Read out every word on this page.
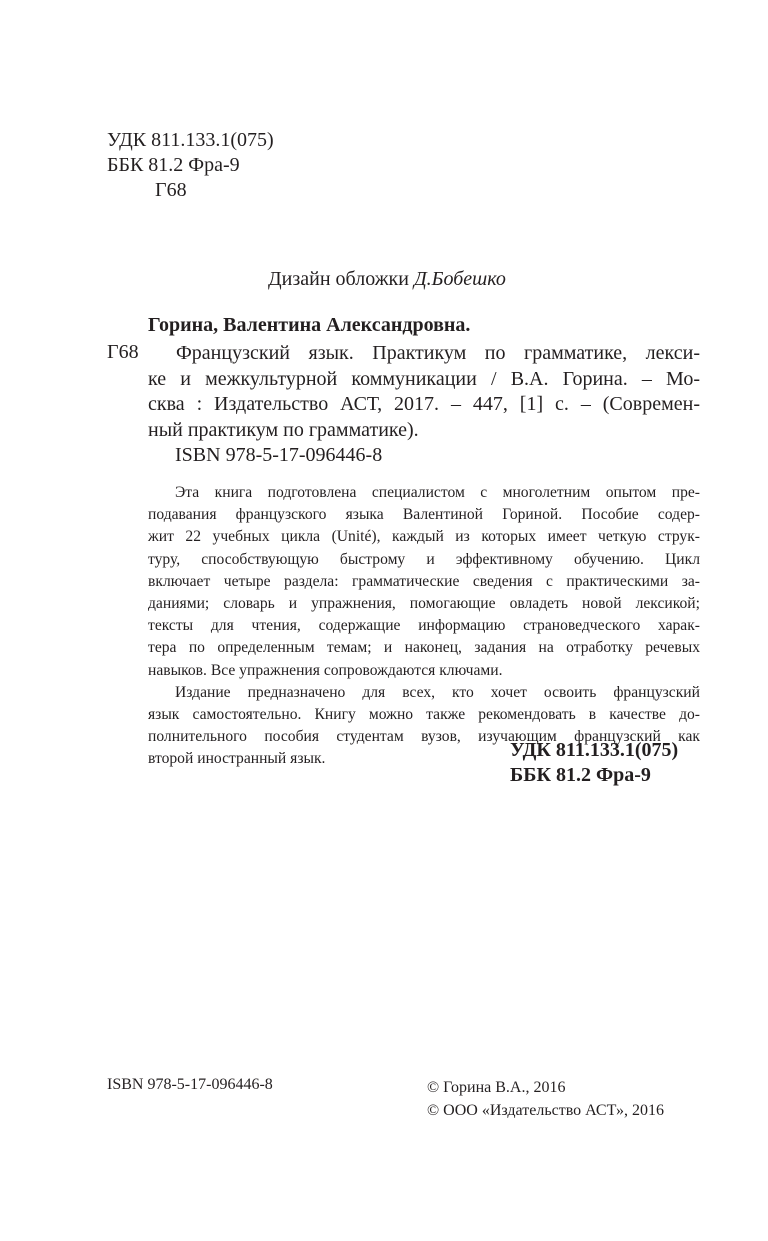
УДК 811.133.1(075)
ББК 81.2 Фра-9
Г68
Дизайн обложки Д.Бобешко
Горина, Валентина Александровна.
Г68	Французский язык. Практикум по грамматике, лекси-
ке и межкультурной коммуникации / В.А. Горина. – Мо-
сква : Издательство АСТ, 2017. – 447, [1] с. – (Современ-
ный практикум по грамматике).
ISBN 978-5-17-096446-8
Эта книга подготовлена специалистом с многолетним опытом пре-
подавания французского языка Валентиной Гориной. Пособие содер-
жит 22 учебных цикла (Unité), каждый из которых имеет четкую струк-
туру, способствующую быстрому и эффективному обучению. Цикл
включает четыре раздела: грамматические сведения с практическими за-
даниями; словарь и упражнения, помогающие овладеть новой лексикой;
тексты для чтения, содержащие информацию страноведческого харак-
тера по определенным темам; и наконец, задания на отработку речевых
навыков. Все упражнения сопровождаются ключами.
Издание предназначено для всех, кто хочет освоить французский
язык самостоятельно. Книгу можно также рекомендовать в качестве до-
полнительного пособия студентам вузов, изучающим французский как
второй иностранный язык.	УДК 811.133.1(075)
ББК 81.2 Фра-9
ISBN 978-5-17-096446-8	© Горина В.А., 2016
© ООО «Издательство АСТ», 2016
